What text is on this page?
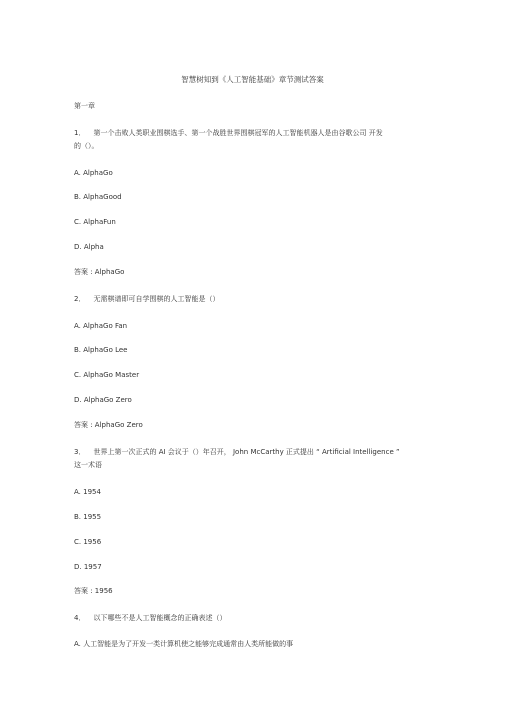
智慧树知到《人工智能基础》章节测试答案
第一章
1． 第一个击败人类职业围棋选手、第一个战胜世界围棋冠军的人工智能机器人是由谷歌公司 开发
的（）。
A. AlphaGo
B. AlphaGood
C. AlphaFun
D. Alpha
答案 : AlphaGo
2． 无需棋谱即可自学围棋的人工智能是（）
A. AlphaGo Fan
B. AlphaGo Lee
C. AlphaGo Master
D. AlphaGo Zero
答案 : AlphaGo Zero
3． 世界上第一次正式的 AI 会议于（）年召开， John McCarthy 正式提出 “ Artificial Intelligence ”
这一术语
A. 1954
B. 1955
C. 1956
D. 1957
答案 : 1956
4． 以下哪些不是人工智能概念的正确表述（）
A. 人工智能是为了开发一类计算机使之能够完成通常由人类所能做的事
